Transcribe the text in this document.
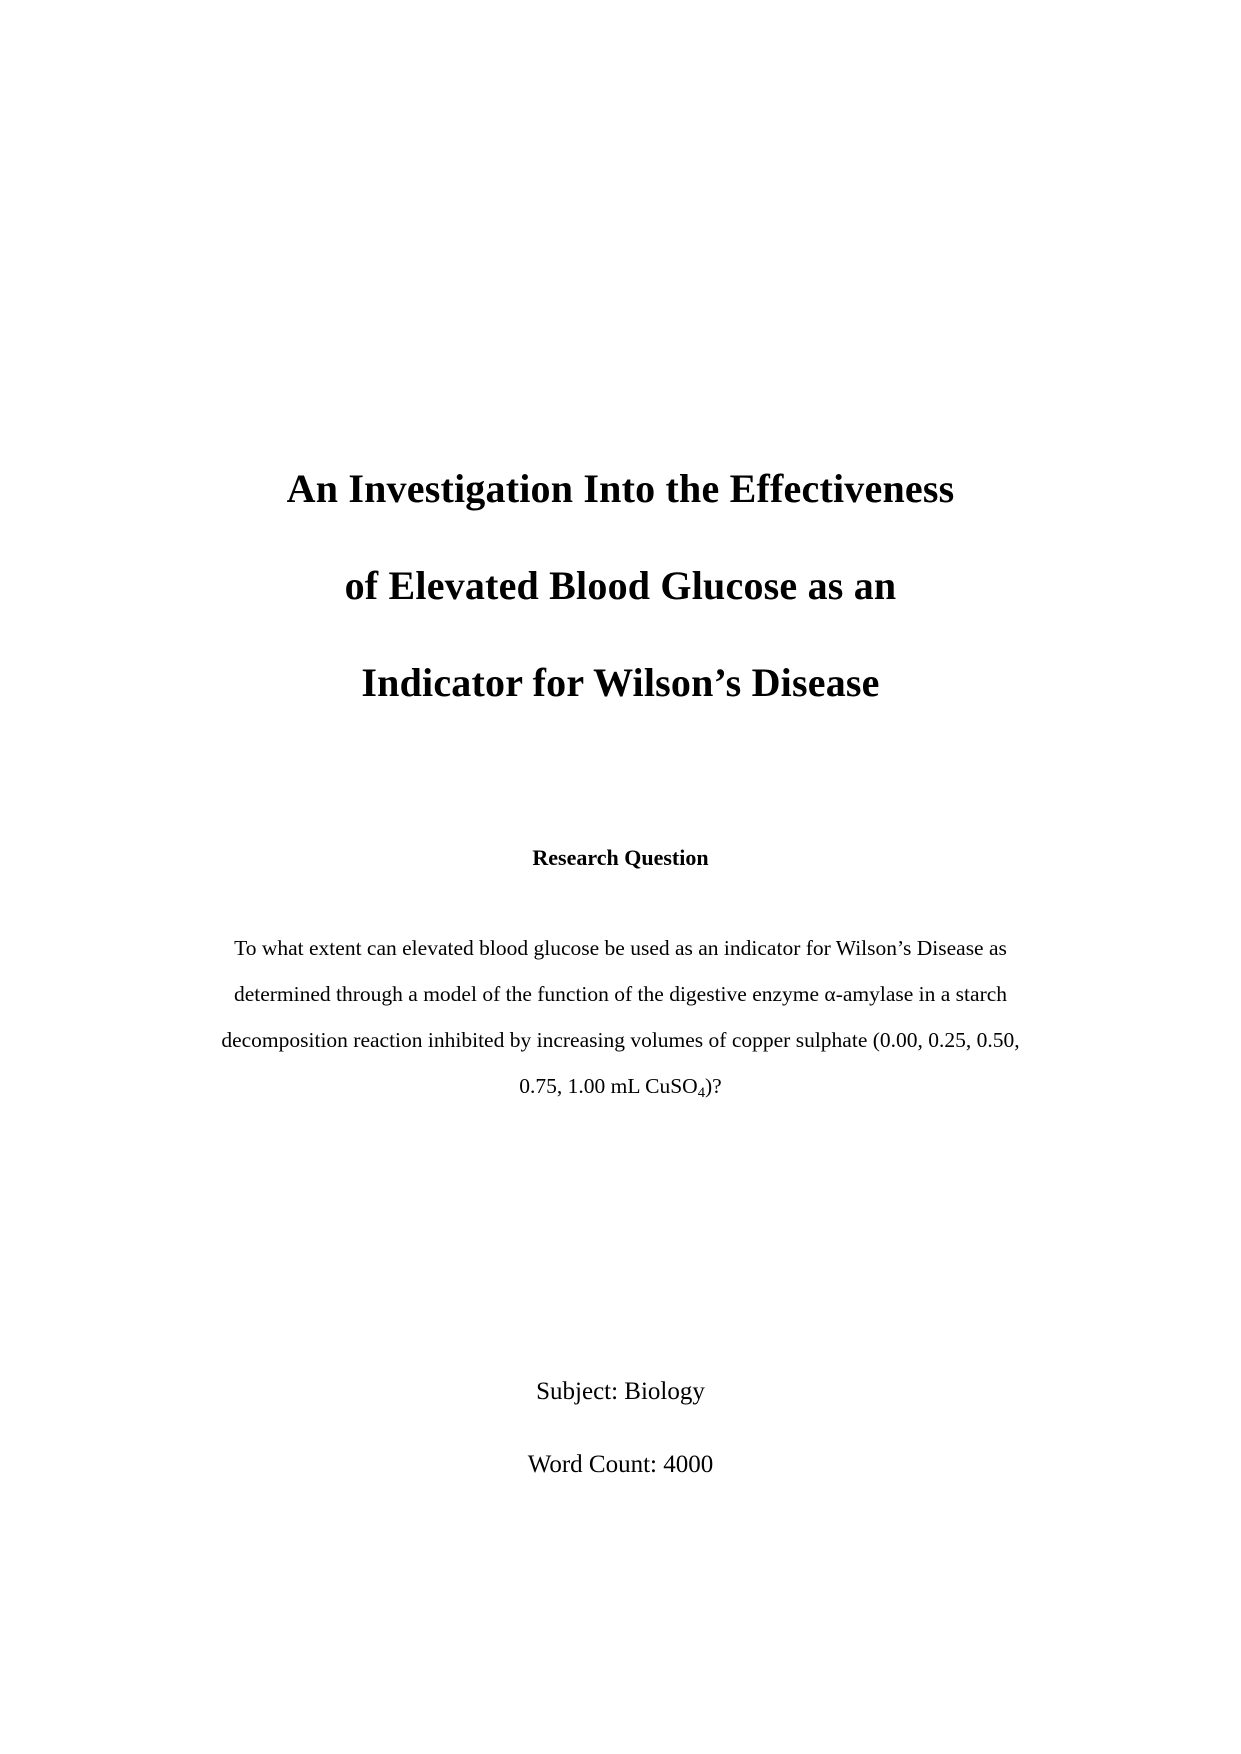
An Investigation Into the Effectiveness
of Elevated Blood Glucose as an
Indicator for Wilson’s Disease
Research Question
To what extent can elevated blood glucose be used as an indicator for Wilson’s Disease as
determined through a model of the function of the digestive enzyme α-amylase in a starch
decomposition reaction inhibited by increasing volumes of copper sulphate (0.00, 0.25, 0.50,
0.75, 1.00 mL CuSO$_4$)?
Subject: Biology
Word Count: 4000
